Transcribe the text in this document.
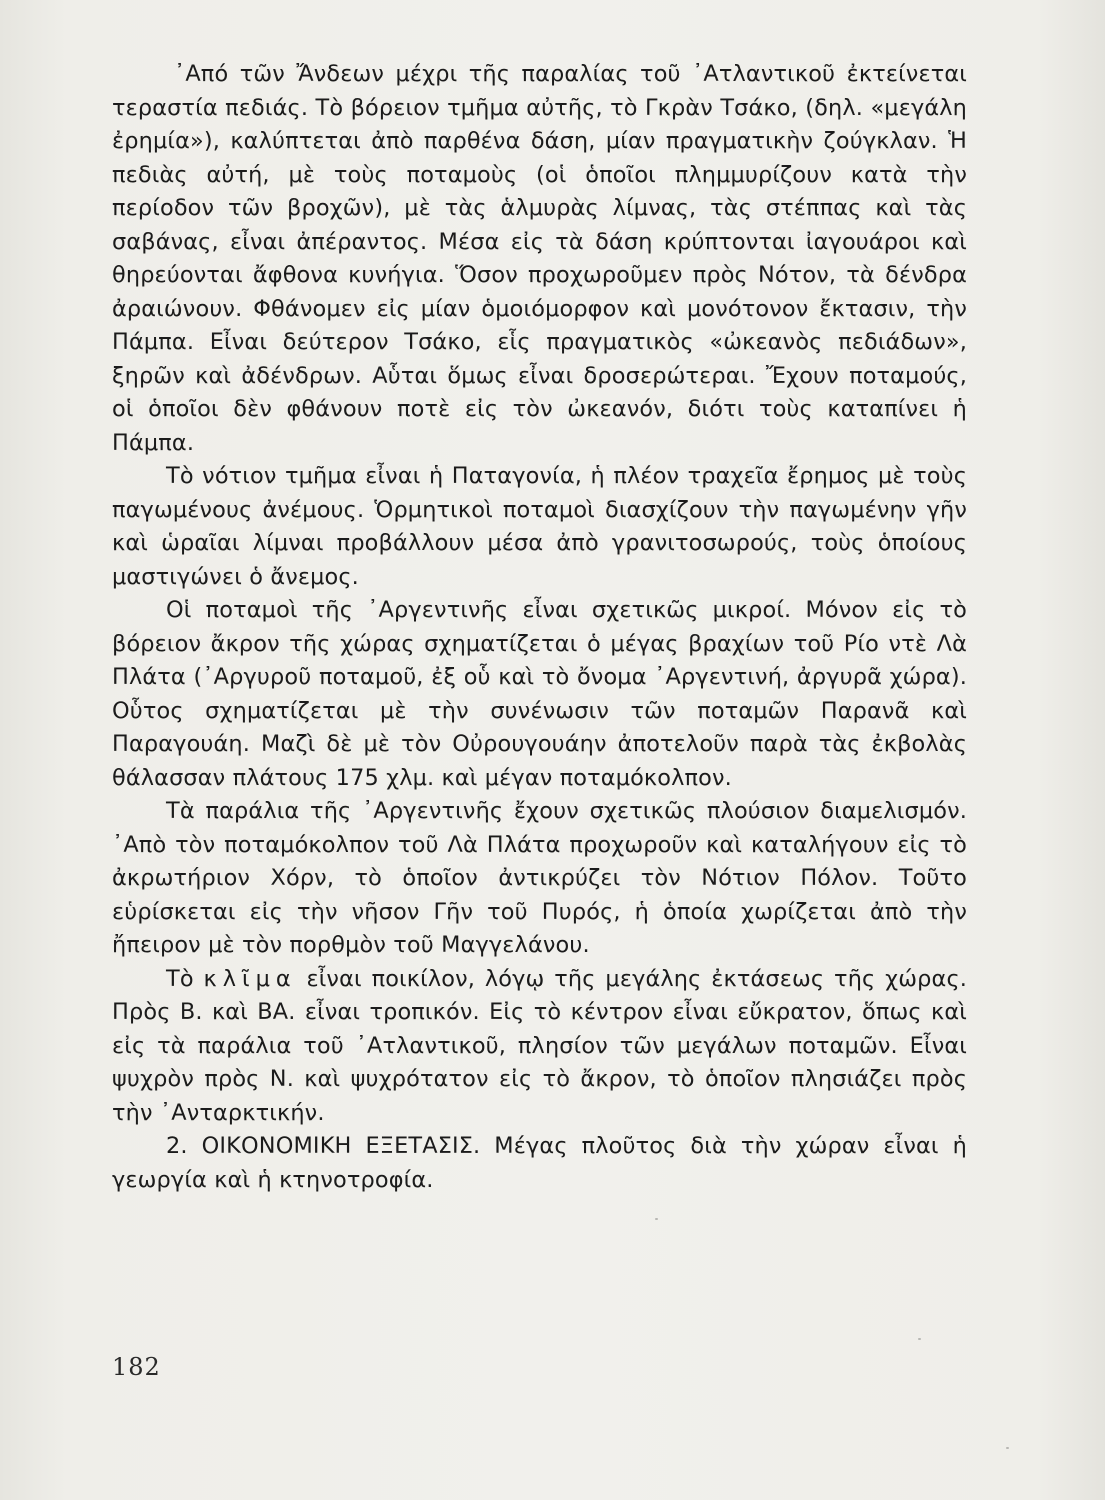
᾿Από τῶν Ἄνδεων μέχρι τῆς παραλίας τοῦ ᾿Ατλαντικοῦ ἐκτείνεται τεραστία πεδιάς. Τὸ βόρειον τμῆμα αὐτῆς, τὸ Γκρὰν Τσάκο, (δηλ. «μεγάλη ἐρημία»), καλύπτεται ἀπὸ παρθένα δάση, μίαν πραγματικὴν ζούγκλαν. Ἡ πεδιὰς αὐτή, μὲ τοὺς ποταμοὺς (οἱ ὁποῖοι πλημμυρίζουν κατὰ τὴν περίοδον τῶν βροχῶν), μὲ τὰς ἁλμυρὰς λίμνας, τὰς στέππας καὶ τὰς σαβάνας, εἶναι ἀπέραντος. Μέσα εἰς τὰ δάση κρύπτονται ἰαγουάροι καὶ θηρεύονται ἄφθονα κυνήγια. Ὅσον προχωροῦμεν πρὸς Νότον, τὰ δένδρα ἀραιώνουν. Φθάνομεν εἰς μίαν ὁμοιόμορφον καὶ μονότονον ἔκτασιν, τὴν Πάμπα. Εἶναι δεύτερον Τσάκο, εἷς πραγματικὸς «ὠκεανὸς πεδιάδων», ξηρῶν καὶ ἀδένδρων. Αὗται ὅμως εἶναι δροσερώτεραι. Ἔχουν ποταμούς, οἱ ὁποῖοι δὲν φθάνουν ποτὲ εἰς τὸν ὠκεανόν, διότι τοὺς καταπίνει ἡ Πάμπα.

Τὸ νότιον τμῆμα εἶναι ἡ Παταγονία, ἡ πλέον τραχεῖα ἔρημος μὲ τοὺς παγωμένους ἀνέμους. Ὁρμητικοὶ ποταμοὶ διασχίζουν τὴν παγωμένην γῆν καὶ ὡραῖαι λίμναι προβάλλουν μέσα ἀπὸ γρανιτοσωρούς, τοὺς ὁποίους μαστιγώνει ὁ ἄνεμος.

Οἱ ποταμοὶ τῆς ᾿Αργεντινῆς εἶναι σχετικῶς μικροί. Μόνον εἰς τὸ βόρειον ἄκρον τῆς χώρας σχηματίζεται ὁ μέγας βραχίων τοῦ Ρίο ντὲ Λὰ Πλάτα (᾿Αργυροῦ ποταμοῦ, ἐξ οὗ καὶ τὸ ὄνομα ᾿Αργεντινή, ἀργυρᾶ χώρα). Οὗτος σχηματίζεται μὲ τὴν συνένωσιν τῶν ποταμῶν Παρανᾶ καὶ Παραγουάη. Μαζὶ δὲ μὲ τὸν Οὐρουγουάην ἀποτελοῦν παρὰ τὰς ἐκβολὰς θάλασσαν πλάτους 175 χλμ. καὶ μέγαν ποταμόκολπον.

Τὰ παράλια τῆς ᾿Αργεντινῆς ἔχουν σχετικῶς πλούσιον διαμελισμόν. ᾿Απὸ τὸν ποταμόκολπον τοῦ Λὰ Πλάτα προχωροῦν καὶ καταλήγουν εἰς τὸ ἀκρωτήριον Χόρν, τὸ ὁποῖον ἀντικρύζει τὸν Νότιον Πόλον. Τοῦτο εὑρίσκεται εἰς τὴν νῆσον Γῆν τοῦ Πυρός, ἡ ὁποία χωρίζεται ἀπὸ τὴν ἤπειρον μὲ τὸν πορθμὸν τοῦ Μαγγελάνου.

Τὸ κλῖμα εἶναι ποικίλον, λόγῳ τῆς μεγάλης ἐκτάσεως τῆς χώρας. Πρὸς Β. καὶ ΒΑ. εἶναι τροπικόν. Εἰς τὸ κέντρον εἶναι εὔκρατον, ὅπως καὶ εἰς τὰ παράλια τοῦ ᾿Ατλαντικοῦ, πλησίον τῶν μεγάλων ποταμῶν. Εἶναι ψυχρὸν πρὸς Ν. καὶ ψυχρότατον εἰς τὸ ἄκρον, τὸ ὁποῖον πλησιάζει πρὸς τὴν ᾿Ανταρκτικήν.

2. ΟΙΚΟΝΟΜΙΚΗ ΕΞΕΤΑΣΙΣ. Μέγας πλοῦτος διὰ τὴν χώραν εἶναι ἡ γεωργία καὶ ἡ κτηνοτροφία.

182
